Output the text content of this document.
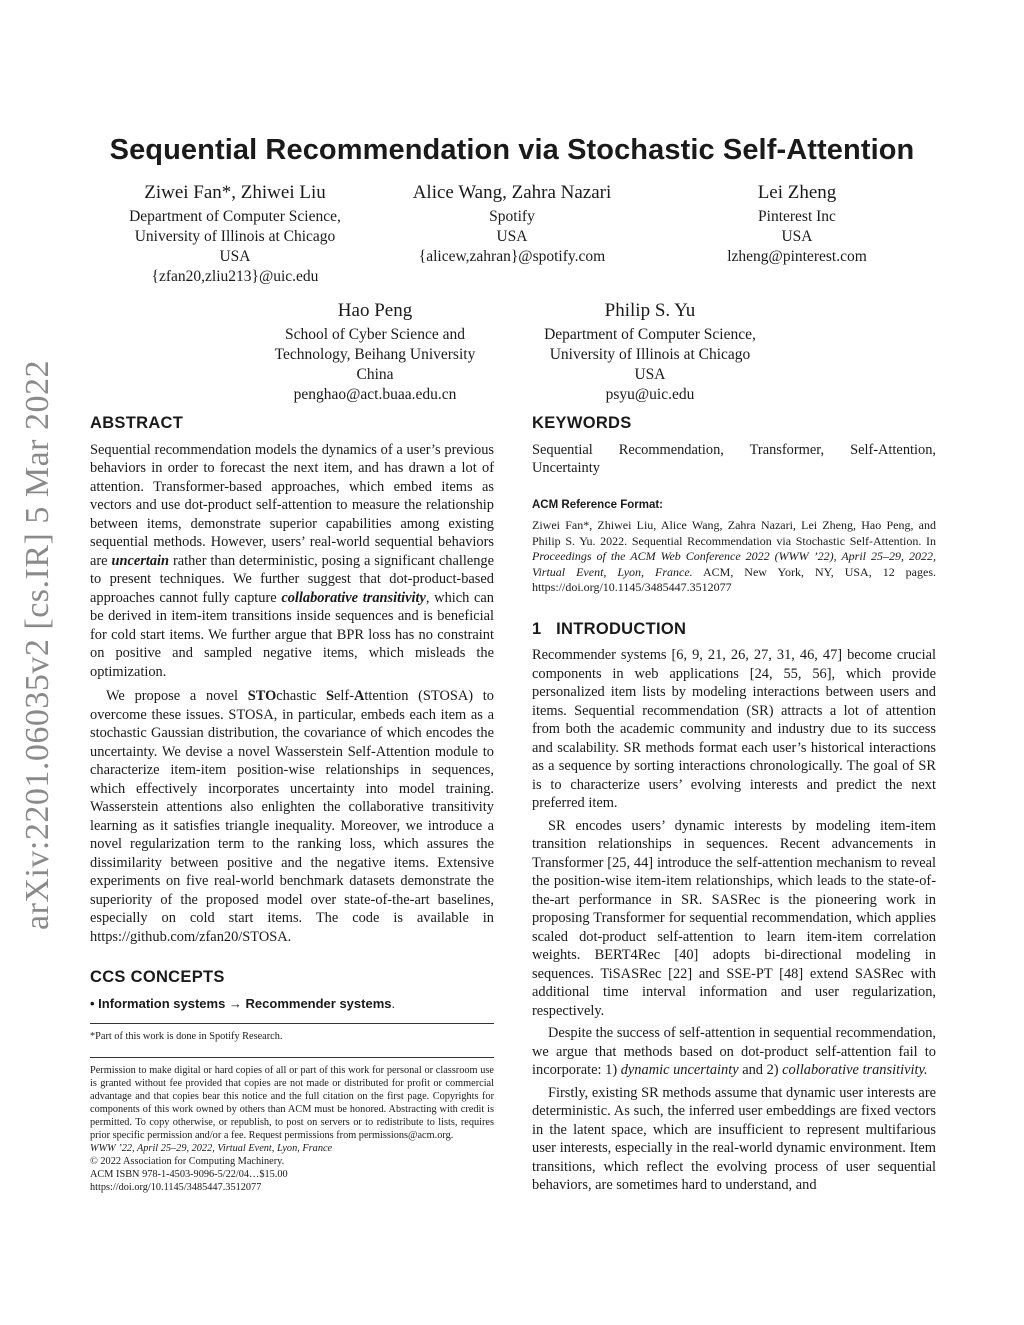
Sequential Recommendation via Stochastic Self-Attention
Ziwei Fan*, Zhiwei Liu
Department of Computer Science,
University of Illinois at Chicago
USA
{zfan20,zliu213}@uic.edu
Alice Wang, Zahra Nazari
Spotify
USA
{alicew,zahran}@spotify.com
Lei Zheng
Pinterest Inc
USA
lzheng@pinterest.com
Hao Peng
School of Cyber Science and
Technology, Beihang University
China
penghao@act.buaa.edu.cn
Philip S. Yu
Department of Computer Science,
University of Illinois at Chicago
USA
psyu@uic.edu
arXiv:2201.06035v2 [cs.IR] 5 Mar 2022 ABSTRACT

Sequential recommendation models the dynamics of a user’s previous behaviors in order to forecast the next item, and has drawn a lot of attention. Transformer-based approaches, which embed items as vectors and use dot-product self-attention to measure the relationship between items, demonstrate superior capabilities among existing sequential methods. However, users’ real-world sequential behaviors are uncertain rather than deterministic, posing a significant challenge to present techniques. We further suggest that dot-product-based approaches cannot fully capture collaborative transitivity, which can be derived in item-item transitions inside sequences and is beneficial for cold start items. We further argue that BPR loss has no constraint on positive and sampled negative items, which misleads the optimization.

We propose a novel STOchastic Self-Attention (STOSA) to overcome these issues. STOSA, in particular, embeds each item as a stochastic Gaussian distribution, the covariance of which encodes the uncertainty. We devise a novel Wasserstein Self-Attention module to characterize item-item position-wise relationships in sequences, which effectively incorporates uncertainty into model training. Wasserstein attentions also enlighten the collaborative transitivity learning as it satisfies triangle inequality. Moreover, we introduce a novel regularization term to the ranking loss, which assures the dissimilarity between positive and the negative items. Extensive experiments on five real-world benchmark datasets demonstrate the superiority of the proposed model over state-of-the-art baselines, especially on cold start items. The code is available in https://github.com/zfan20/STOSA.

CCS CONCEPTS
• Information systems → Recommender systems.
*Part of this work is done in Spotify Research.
Permission to make digital or hard copies of all or part of this work for personal or classroom use is granted without fee provided that copies are not made or distributed for profit or commercial advantage and that copies bear this notice and the full citation on the first page. Copyrights for components of this work owned by others than ACM must be honored. Abstracting with credit is permitted. To copy otherwise, or republish, to post on servers or to redistribute to lists, requires prior specific permission and/or a fee. Request permissions from permissions@acm.org.
WWW ’22, April 25–29, 2022, Virtual Event, Lyon, France
© 2022 Association for Computing Machinery.
ACM ISBN 978-1-4503-9096-5/22/04…$15.00
https://doi.org/10.1145/3485447.3512077
KEYWORDS

Sequential Recommendation, Transformer, Self-Attention, Uncertainty

ACM Reference Format:
Ziwei Fan*, Zhiwei Liu, Alice Wang, Zahra Nazari, Lei Zheng, Hao Peng, and Philip S. Yu. 2022. Sequential Recommendation via Stochastic Self-Attention. In Proceedings of the ACM Web Conference 2022 (WWW ’22), April 25–29, 2022, Virtual Event, Lyon, France. ACM, New York, NY, USA, 12 pages. https://doi.org/10.1145/3485447.3512077
1 INTRODUCTION

Recommender systems [6, 9, 21, 26, 27, 31, 46, 47] become crucial components in web applications [24, 55, 56], which provide personalized item lists by modeling interactions between users and items. Sequential recommendation (SR) attracts a lot of attention from both the academic community and industry due to its success and scalability. SR methods format each user’s historical interactions as a sequence by sorting interactions chronologically. The goal of SR is to characterize users’ evolving interests and predict the next preferred item.

SR encodes users’ dynamic interests by modeling item-item transition relationships in sequences. Recent advancements in Transformer [25, 44] introduce the self-attention mechanism to reveal the position-wise item-item relationships, which leads to the state-of-the-art performance in SR. SASRec is the pioneering work in proposing Transformer for sequential recommendation, which applies scaled dot-product self-attention to learn item-item correlation weights. BERT4Rec [40] adopts bi-directional modeling in sequences. TiSASRec [22] and SSE-PT [48] extend SASRec with additional time interval information and user regularization, respectively.

Despite the success of self-attention in sequential recommendation, we argue that methods based on dot-product self-attention fail to incorporate: 1) dynamic uncertainty and 2) collaborative transitivity.

Firstly, existing SR methods assume that dynamic user interests are deterministic. As such, the inferred user embeddings are fixed vectors in the latent space, which are insufficient to represent multifarious user interests, especially in the real-world dynamic environment. Item transitions, which reflect the evolving process of user sequential behaviors, are sometimes hard to understand, and
